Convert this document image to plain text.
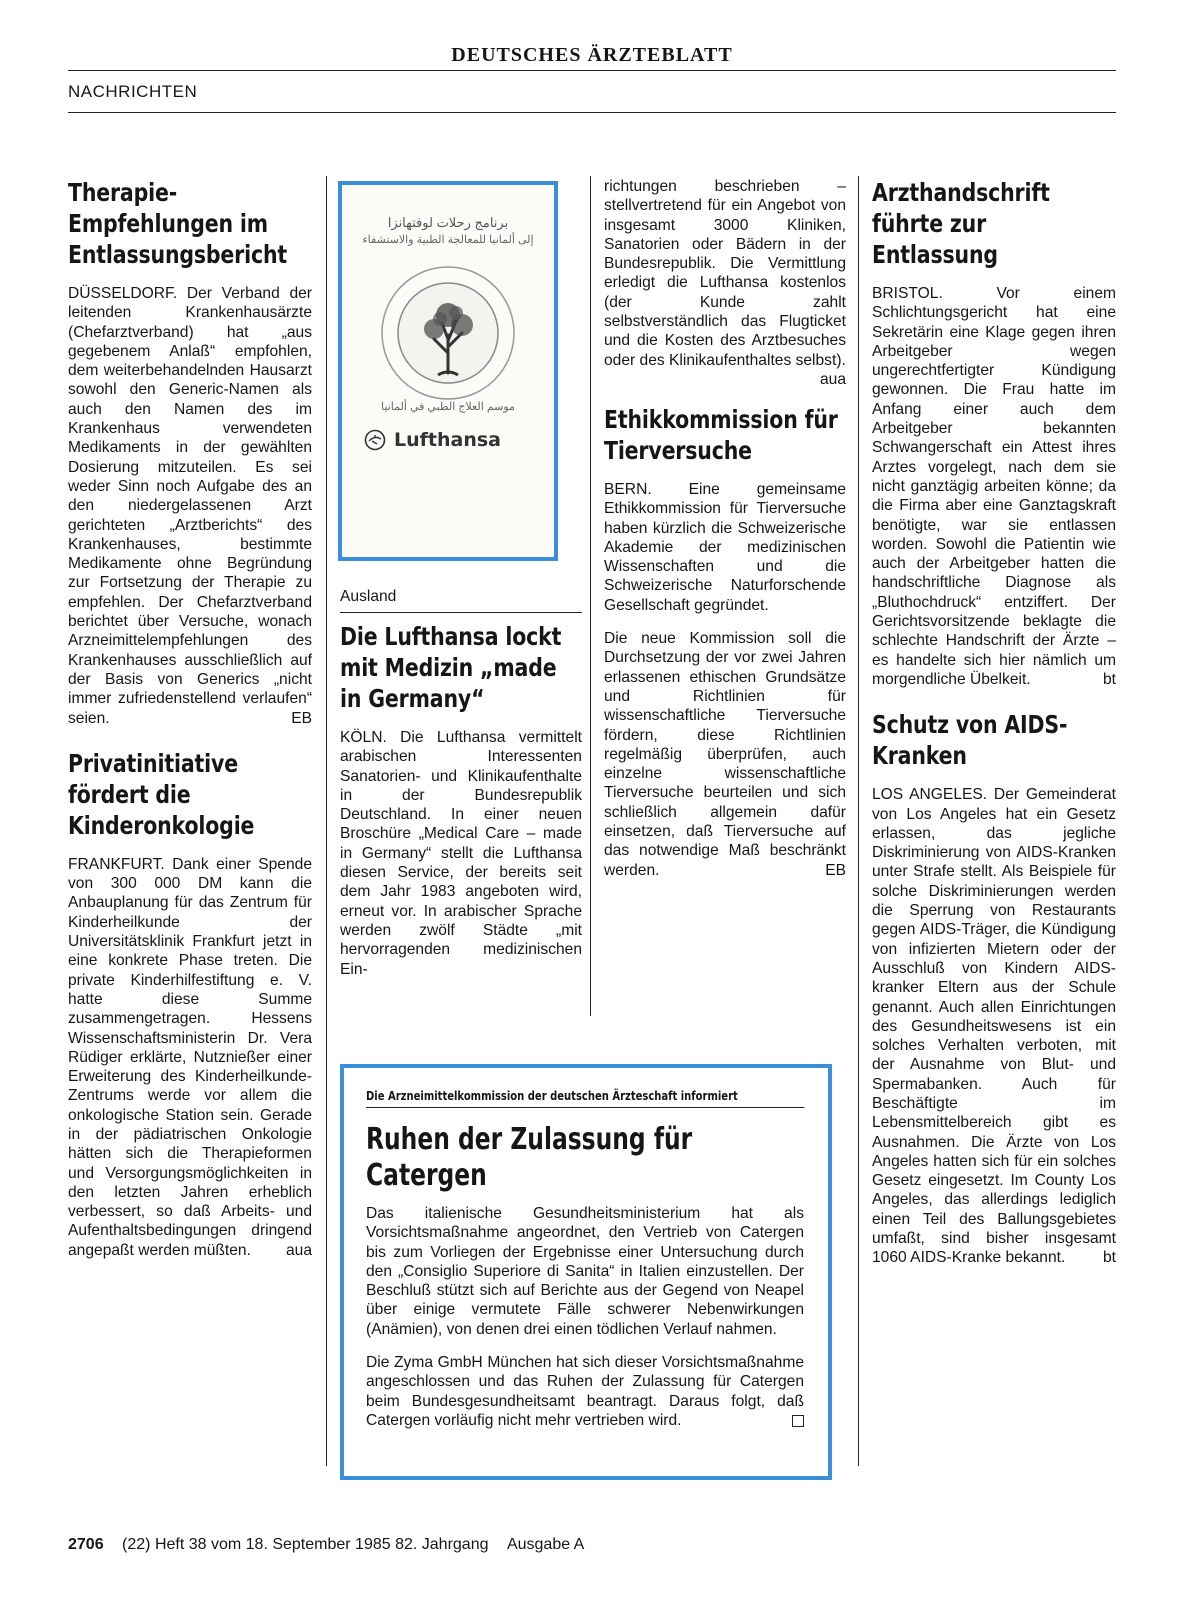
DEUTSCHES ÄRZTEBLATT
NACHRICHTEN
Therapie-Empfehlungen im Entlassungsbericht

DÜSSELDORF. Der Verband der leitenden Krankenhausärzte (Chefarztverband) hat „aus gegebenem Anlaß“ empfohlen, dem weiterbehandelnden Hausarzt sowohl den Generic-Namen als auch den Namen des im Krankenhaus verwendeten Medikaments in der gewählten Dosierung mitzuteilen. Es sei weder Sinn noch Aufgabe des an den niedergelassenen Arzt gerichteten „Arztberichts“ des Krankenhauses, bestimmte Medikamente ohne Begründung zur Fortsetzung der Therapie zu empfehlen. Der Chefarztverband berichtet über Versuche, wonach Arzneimittelempfehlungen des Krankenhauses ausschließlich auf der Basis von Generics „nicht immer zufriedenstellend verlaufen“ seien.	EB

Privatinitiative fördert die Kinderonkologie

FRANKFURT. Dank einer Spende von 300 000 DM kann die Anbauplanung für das Zentrum für Kinderheilkunde der Universitätsklinik Frankfurt jetzt in eine konkrete Phase treten. Die private Kinderhilfestiftung e. V. hatte diese Summe zusammengetragen. Hessens Wissenschaftsministerin Dr. Vera Rüdiger erklärte, Nutznießer einer Erweiterung des Kinderheilkunde-Zentrums werde vor allem die onkologische Station sein. Gerade in der pädiatrischen Onkologie hätten sich die Therapieformen und Versorgungsmöglichkeiten in den letzten Jahren erheblich verbessert, so daß Arbeits- und Aufenthaltsbedingungen dringend angepaßt werden müßten. aua

برنامج رحلات لوفتهانزا
إلى ألمانيا للمعالجة الطبية والاستشفاء
موسم العلاج الطبي في ألمانيا
Lufthansa
Ausland
Die Lufthansa lockt mit Medizin „made in Germany“

KÖLN. Die Lufthansa vermittelt arabischen Interessenten Sanatorien- und Klinikaufenthalte in der Bundesrepublik Deutschland. In einer neuen Broschüre „Medical Care – made in Germany“ stellt die Lufthansa diesen Service, der bereits seit dem Jahr 1983 angeboten wird, erneut vor. In arabischer Sprache werden zwölf Städte „mit hervorragenden medizinischen Ein-

richtungen beschrieben – stellvertretend für ein Angebot von insgesamt 3000 Kliniken, Sanatorien oder Bädern in der Bundesrepublik. Die Vermittlung erledigt die Lufthansa kostenlos (der Kunde zahlt selbstverständlich das Flugticket und die Kosten des Arztbesuches oder des Klinikaufenthaltes selbst).
aua

Ethikkommission für Tierversuche

BERN. Eine gemeinsame Ethikkommission für Tierversuche haben kürzlich die Schweizerische Akademie der medizinischen Wissenschaften und die Schweizerische Naturforschende Gesellschaft gegründet.

Die neue Kommission soll die Durchsetzung der vor zwei Jahren erlassenen ethischen Grundsätze und Richtlinien für wissenschaftliche Tierversuche fördern, diese Richtlinien regelmäßig überprüfen, auch einzelne wissenschaftliche Tierversuche beurteilen und sich schließlich allgemein dafür einsetzen, daß Tierversuche auf das notwendige Maß beschränkt werden.	EB

Arzthandschrift führte zur Entlassung

BRISTOL. Vor einem Schlichtungsgericht hat eine Sekretärin eine Klage gegen ihren Arbeitgeber wegen ungerechtfertigter Kündigung gewonnen. Die Frau hatte im Anfang einer auch dem Arbeitgeber bekannten Schwangerschaft ein Attest ihres Arztes vorgelegt, nach dem sie nicht ganztägig arbeiten könne; da die Firma aber eine Ganztagskraft benötigte, war sie entlassen worden. Sowohl die Patientin wie auch der Arbeitgeber hatten die handschriftliche Diagnose als „Bluthochdruck“ entziffert. Der Gerichtsvorsitzende beklagte die schlechte Handschrift der Ärzte – es handelte sich hier nämlich um morgendliche Übelkeit.	bt

Schutz von AIDS-Kranken

LOS ANGELES. Der Gemeinderat von Los Angeles hat ein Gesetz erlassen, das jegliche Diskriminierung von AIDS-Kranken unter Strafe stellt. Als Beispiele für solche Diskriminierungen werden die Sperrung von Restaurants gegen AIDS-Träger, die Kündigung von infizierten Mietern oder der Ausschluß von Kindern AIDS-kranker Eltern aus der Schule genannt. Auch allen Einrichtungen des Gesundheitswesens ist ein solches Verhalten verboten, mit der Ausnahme von Blut- und Spermabanken. Auch für Beschäftigte im Lebensmittelbereich gibt es Ausnahmen. Die Ärzte von Los Angeles hatten sich für ein solches Gesetz eingesetzt. Im County Los Angeles, das allerdings lediglich einen Teil des Ballungsgebietes umfaßt, sind bisher insgesamt 1060 AIDS-Kranke bekannt. bt

Die Arzneimittelkommission der deutschen Ärzteschaft informiert
Ruhen der Zulassung für Catergen

Das italienische Gesundheitsministerium hat als Vorsichtsmaßnahme angeordnet, den Vertrieb von Catergen bis zum Vorliegen der Ergebnisse einer Untersuchung durch den „Consiglio Superiore di Sanita“ in Italien einzustellen. Der Beschluß stützt sich auf Berichte aus der Gegend von Neapel über einige vermutete Fälle schwerer Nebenwirkungen (Anämien), von denen drei einen tödlichen Verlauf nahmen.

Die Zyma GmbH München hat sich dieser Vorsichtsmaßnahme angeschlossen und das Ruhen der Zulassung für Catergen beim Bundesgesundheitsamt beantragt. Daraus folgt, daß Catergen vorläufig nicht mehr vertrieben wird.

2706 (22) Heft 38 vom 18. September 1985 82. Jahrgang Ausgabe A
